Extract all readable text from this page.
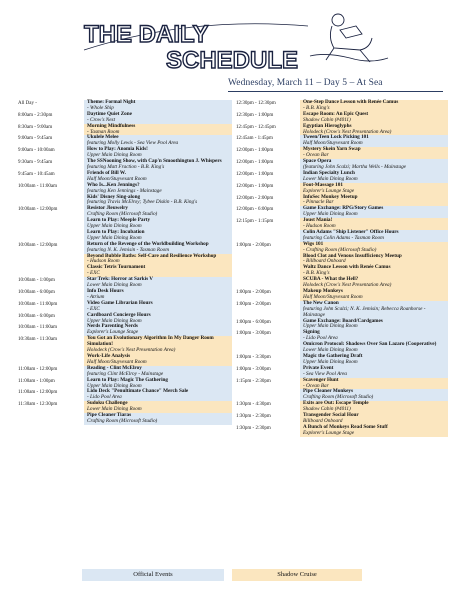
THE DAILY
SCHEDULE
Wednesday, March 11 – Day 5 – At Sea
All Day -	Theme: Formal Night
- Whole Ship
8:00am - 2:30pm	Daytime Quiet Zone
- Crow's Nest
8:30am - 9:00am	Morning Mindfulness
- Tasman Room
9:00am - 9:45am	Ukulele Melee
featuring Molly Lewis - Sea View Pool Area
9:00am - 10:00am	How to Play: Anomia Kids!
Upper Main Dining Room
9:30am - 9:45am	The SSNooning Show, with Cap'n Smoothington J. Whispers
featuring Matt Fraction - B.B. King's
9:45am - 10:45am	Friends of Bill W.
Half Moon/Stuyvesant Room
10:00am - 11:00am	Who Is...Ken Jennings?
featuring Ken Jennings - Mainstage
Kids' Disney Sing-along
featuring Travis McElroy; Tybee Diskin - B.B. King's
10:00am - 12:00pm	Resistor Jleuwelry
Crafting Room (Microsoft Studio)
Learn to Play: Meeple Party
Upper Main Dining Room
Learn to Play: Incubation
Upper Main Dining Room
10:00am - 12:00pm	Return of the Revenge of the Worldbuilding Workshop
featuring N. K. Jemisin - Tasman Room
Beyond Bubble Baths: Self-Care and Resilience Workshop
- Hudson Room
Classic Tetris Tournament
- EXC
10:00am - 1:00pm	Star Trek: Horror at Sarkis V
Lower Main Dining Room
10:00am - 6:00pm	Info Desk Hours
- Atrium
10:00am - 11:00pm	Video Game Librarian Hours
- EXC
10:00am - 6:00pm	Cardboard Concierge Hours
Upper Main Dining Room
10:00am - 11:00am	Nerds Parenting Nerds
Explorer's Lounge Stage
10:30am - 11:30am	You Got an Evolutionary Algorithm In My Danger Room Simulation!
Holodeck (Crow's Nest Presentation Area)
Work-Life Analysis
Half Moon/Stuyvesant Room
11:00am - 12:00pm	Reading - Clint McElroy
featuring Clint McElroy - Mainstage
11:00am - 1:00pm	Learn to Play: Magic The Gathering
Upper Main Dining Room
11:00am - 12:00pm	Lido Deck "Penultimate Chance" Merch Sale
- Lido Pool Area
11:30am - 12:30pm	Sudoku Challenge
Lower Main Dining Room
Pipe Cleaner Tiaras
Crafting Room (Microsoft Studio)
12:30pm - 12:30pm	One-Step Dance Lesson with Renée Camus
- B.B. King's
12:30pm - 1:00pm	Escape Room: An Epic Quest
Shadow Cabin (#4011)
12:45pm - 12:45pm	Egyptian Hieroglyphs
Holodeck (Crow's Nest Presentation Area)
12:45am - 1:45pm	Tween/Teen Lock Picking 101
Half Moon/Stuyvesant Room
12:00pm - 1:00pm	Mystery Skein Yarn Swap
- Ocean Bar
12:00pm - 1:00pm	Space Opera
(featuring John Scalzi; Martha Wells - Mainstage
12:00pm - 1:00pm	Indian Specialty Lunch
Lower Main Dining Room
12:00pm - 1:00pm	Foot-Massage 101
Explorer's Lounge Stage
12:00pm - 2:00pm	InfoSec Monkey Meetup
- Pinnacle Bar
12:00pm - 6:00pm	Game Exchange: RPG/Story Games
Upper Main Dining Room
12:15pm - 1:15pm	Joust Mania!
- Hudson Room
Colin Adams "Ship Listener" Office Hours
featuring Colin Adams - Tasman Room
1:00pm - 2:00pm	Wigs 101
- Crafting Room (Microsoft Studio)
Blood Clot and Venous Insufficiency Meetup
- Billboard Onboard
Waltz Dance Lesson with Renée Camus
- B.B. King's
SCUBA - What the Hell?
Holodeck (Crow's Nest Presentation Area)
1:00pm - 2:00pm	Makeup Monkeys
Half Moon/Stuyvesant Room
1:00pm - 2:00pm	The New Canon
featuring John Scalzi; N. K. Jemisin; Rebecca Roanhorse - Mainstage
1:00pm - 6:00pm	Game Exchange: Board/Cardgames
Upper Main Dining Room
1:00pm - 3:00pm	Signing
- Lido Pool Area
Omicron Protocol: Shadows Over San Lazaro (Cooperative)
Lower Main Dining Room
1:00pm - 3:30pm	Magic the Gathering Draft
Upper Main Dining Room
1:00pm - 3:00pm	Private Event
- Sea View Pool Area
1:15pm - 2:30pm	Scavenger Hunt
- Ocean Bar
Pipe Cleaner Monkeys
Crafting Room (Microsoft Studio)
1:30pm - 4:30pm	Exits are Out: Escape Temple
Shadow Cabin (#4011)
1:30pm - 2:30pm	Transgender Social Hour
Billboard Onboard
1:30pm - 2:30pm	A Bunch of Monkeys Read Some Stuff
Explorer's Lounge Stage
Official Events	Shadow Cruise
